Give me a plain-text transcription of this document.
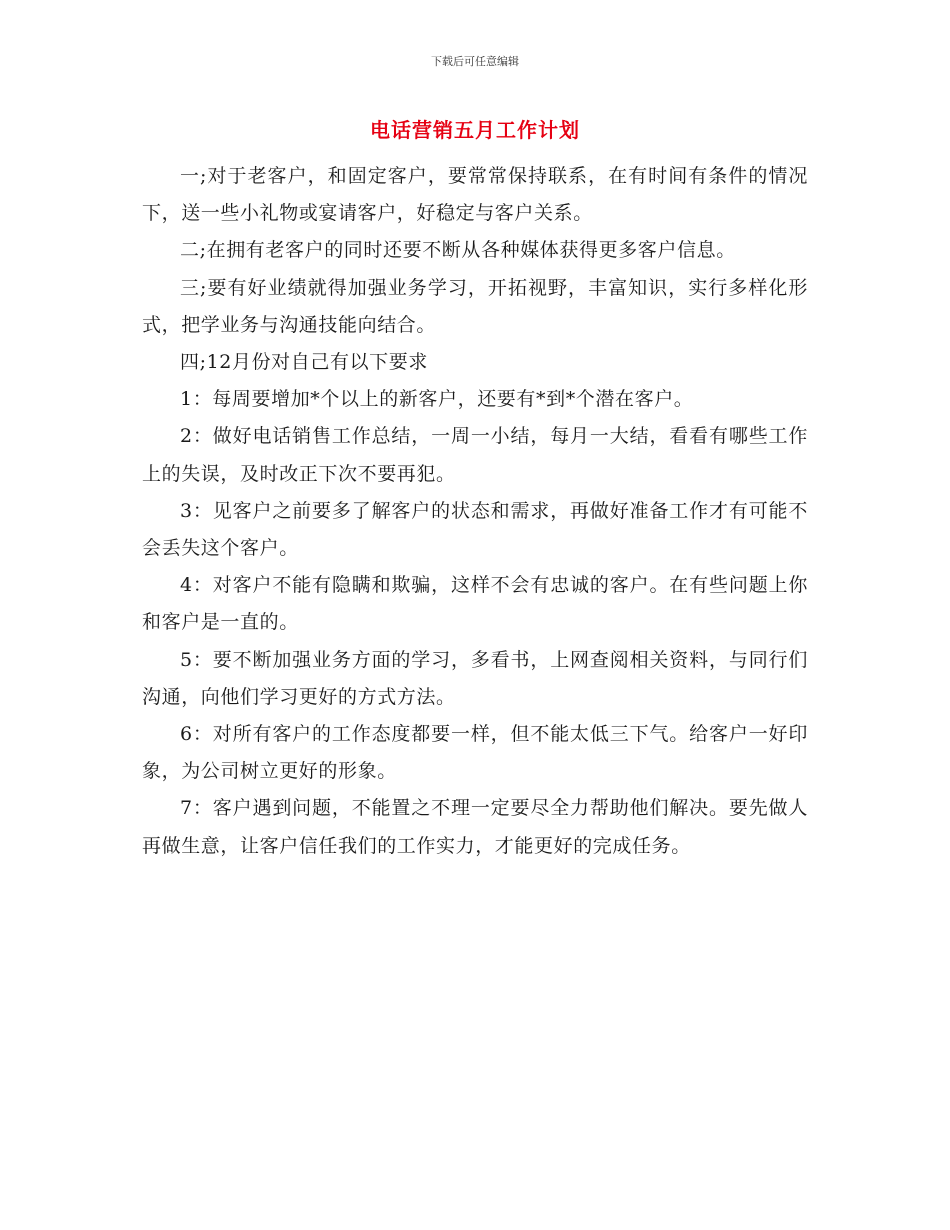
下载后可任意编辑
电话营销五月工作计划

一;对于老客户，和固定客户，要常常保持联系，在有时间有条件的情况下，送一些小礼物或宴请客户，好稳定与客户关系。

二;在拥有老客户的同时还要不断从各种媒体获得更多客户信息。

三;要有好业绩就得加强业务学习，开拓视野，丰富知识，实行多样化形式，把学业务与沟通技能向结合。

四;12月份对自己有以下要求

1：每周要增加*个以上的新客户，还要有*到*个潜在客户。

2：做好电话销售工作总结，一周一小结，每月一大结，看看有哪些工作上的失误，及时改正下次不要再犯。

3：见客户之前要多了解客户的状态和需求，再做好准备工作才有可能不会丢失这个客户。

4：对客户不能有隐瞒和欺骗，这样不会有忠诚的客户。在有些问题上你和客户是一直的。

5：要不断加强业务方面的学习，多看书，上网查阅相关资料，与同行们沟通，向他们学习更好的方式方法。

6：对所有客户的工作态度都要一样，但不能太低三下气。给客户一好印象，为公司树立更好的形象。

7：客户遇到问题，不能置之不理一定要尽全力帮助他们解决。要先做人再做生意，让客户信任我们的工作实力，才能更好的完成任务。
